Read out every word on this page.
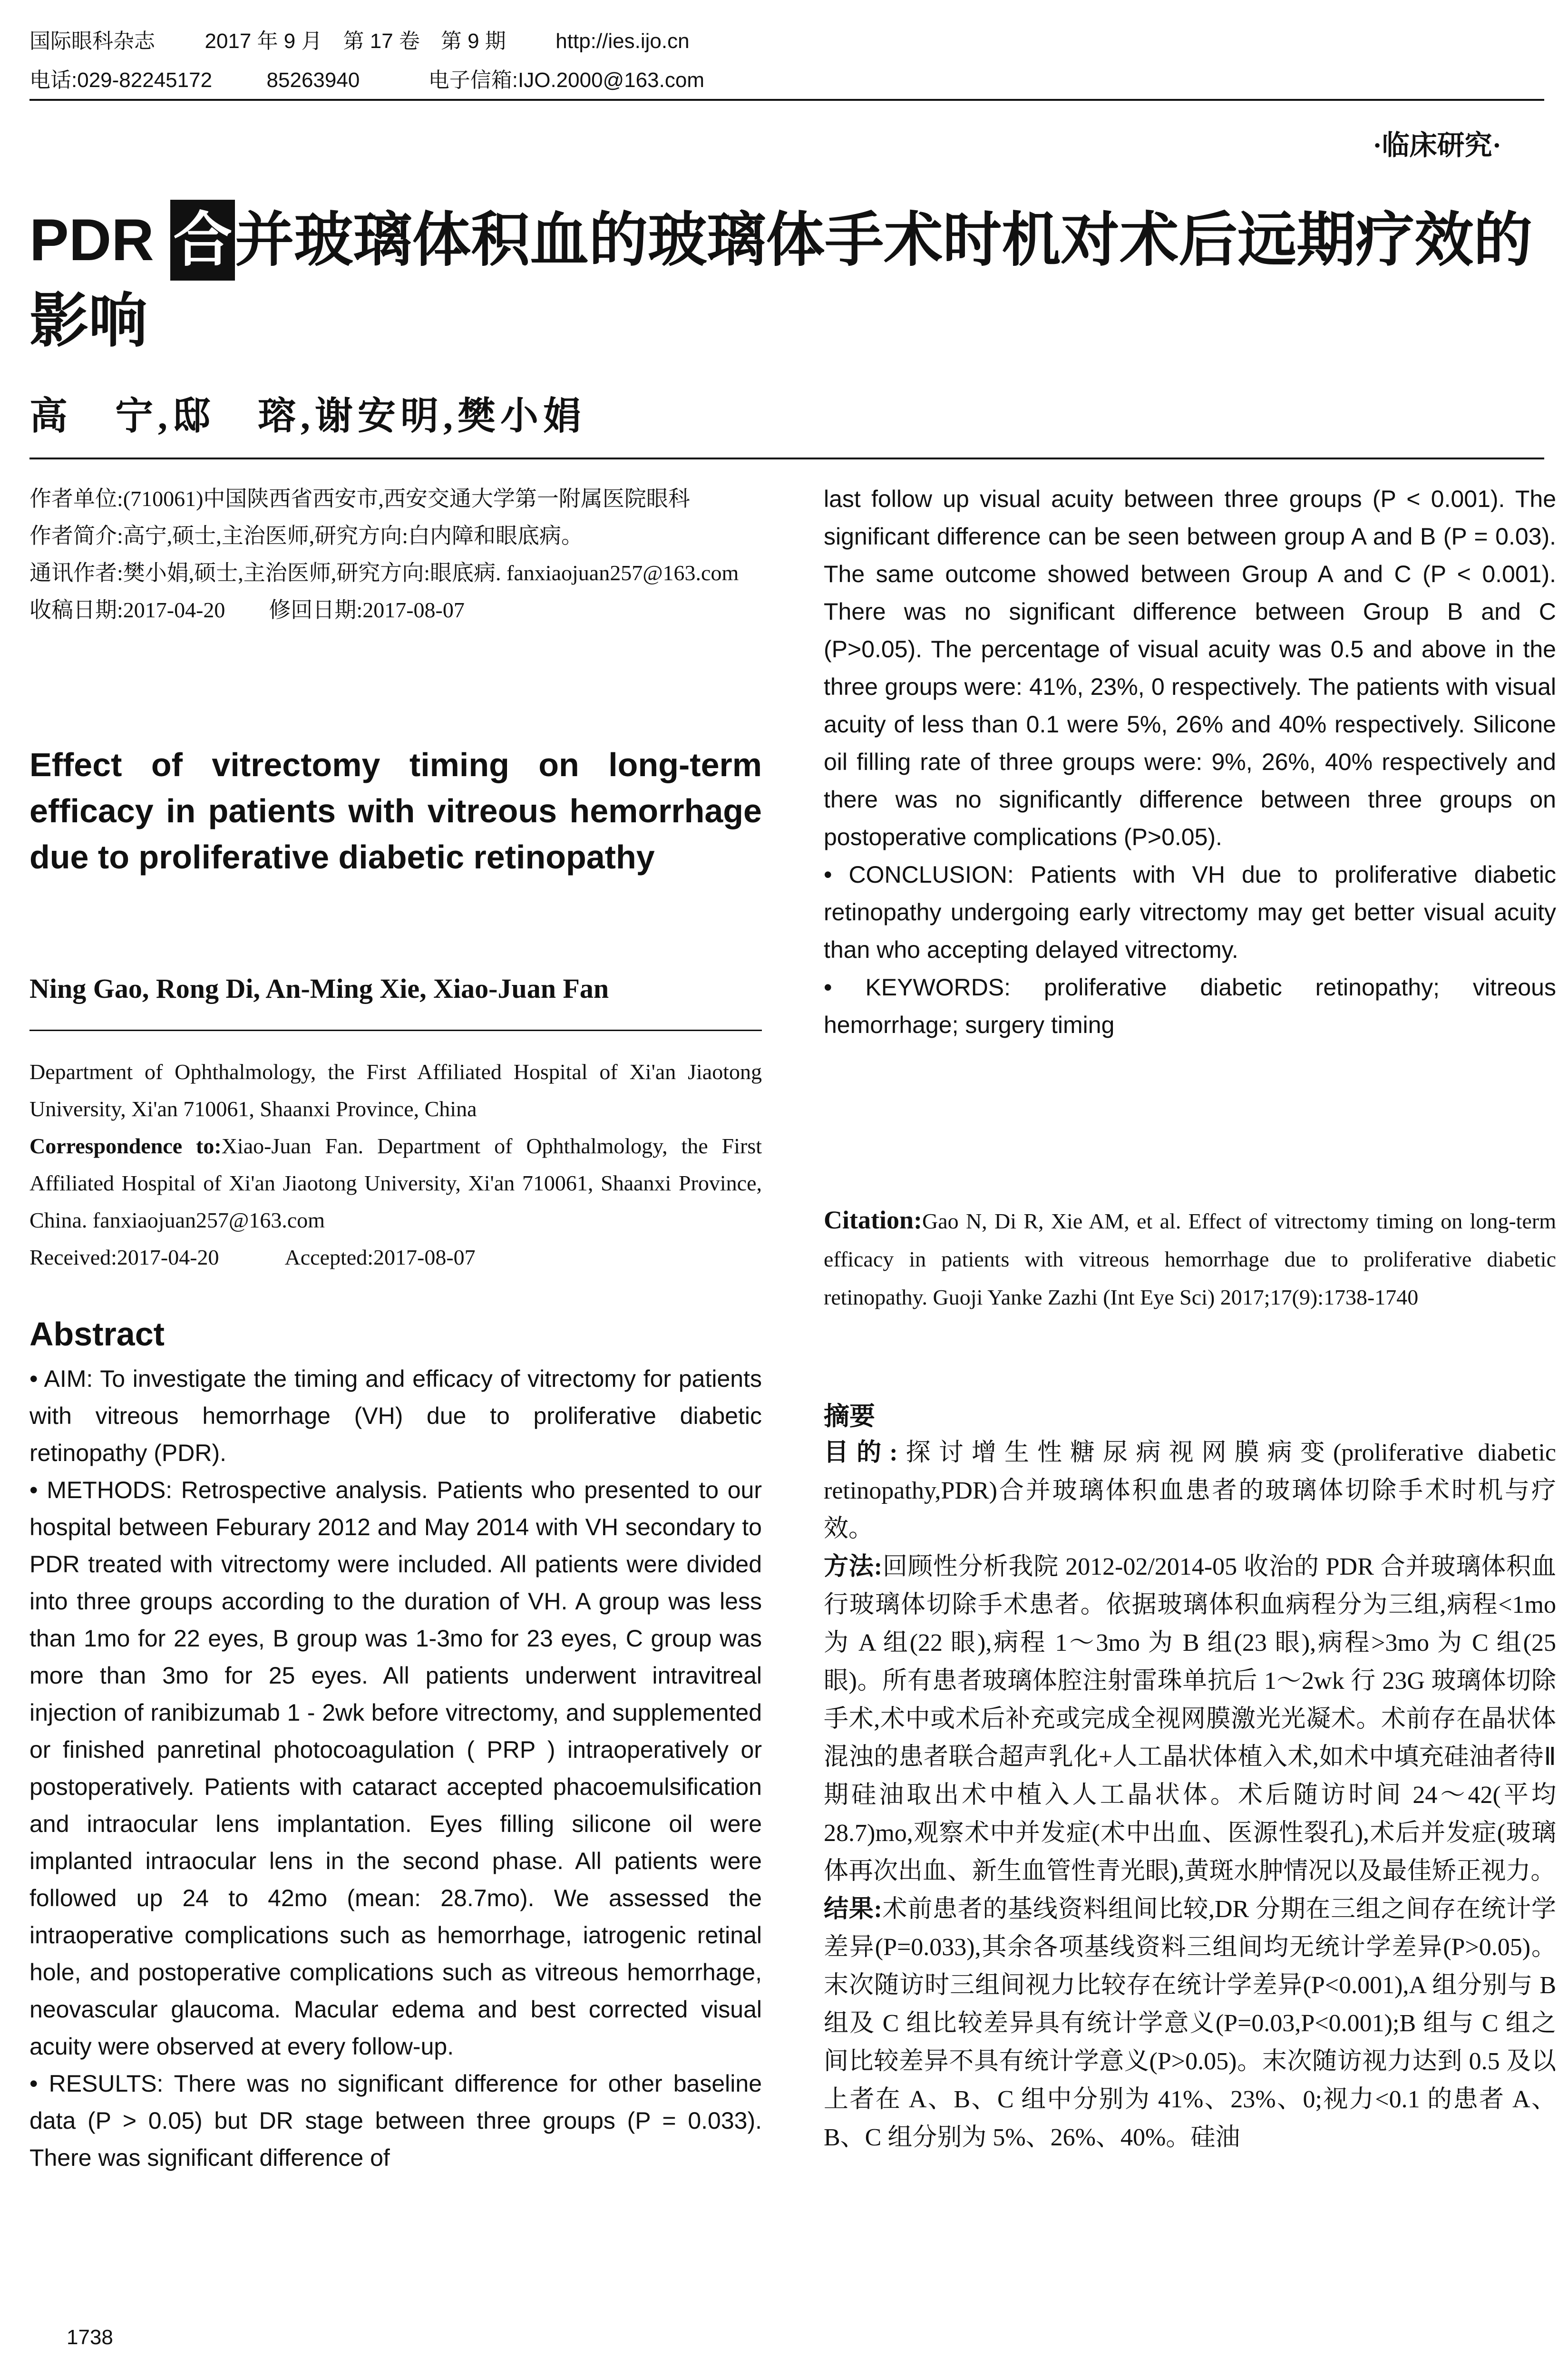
国际眼科杂志 2017 年 9 月　第 17 卷　第 9 期 http://ies.ijo.cn
电话:029-82245172	85263940	电子信箱:IJO.2000@163.com
·临床研究·
PDR 合并玻璃体积血的玻璃体手术时机对术后远期疗效的影响
高　宁,邸　瑢,谢安明,樊小娟

作者单位:(710061)中国陕西省西安市,西安交通大学第一附属医院眼科

作者简介:高宁,硕士,主治医师,研究方向:白内障和眼底病。

通讯作者:樊小娟,硕士,主治医师,研究方向:眼底病. fanxiaojuan257@163.com

收稿日期:2017-04-20　　修回日期:2017-08-07

Effect of vitrectomy timing on long-term efficacy in patients with vitreous hemorrhage due to proliferative diabetic retinopathy
Ning Gao, Rong Di, An-Ming Xie, Xiao-Juan Fan

Department of Ophthalmology, the First Affiliated Hospital of Xi'an Jiaotong University, Xi'an 710061, Shaanxi Province, China

Correspondence to:Xiao-Juan Fan. Department of Ophthalmology, the First Affiliated Hospital of Xi'an Jiaotong University, Xi'an 710061, Shaanxi Province, China. fanxiaojuan257@163.com

Received:2017-04-20　　　Accepted:2017-08-07

Abstract

• AIM: To investigate the timing and efficacy of vitrectomy for patients with vitreous hemorrhage (VH) due to proliferative diabetic retinopathy (PDR).

• METHODS: Retrospective analysis. Patients who presented to our hospital between Feburary 2012 and May 2014 with VH secondary to PDR treated with vitrectomy were included. All patients were divided into three groups according to the duration of VH. A group was less than 1mo for 22 eyes, B group was 1-3mo for 23 eyes, C group was more than 3mo for 25 eyes. All patients underwent intravitreal injection of ranibizumab 1 - 2wk before vitrectomy, and supplemented or finished panretinal photocoagulation ( PRP ) intraoperatively or postoperatively. Patients with cataract accepted phacoemulsification and intraocular lens implantation. Eyes filling silicone oil were implanted intraocular lens in the second phase. All patients were followed up 24 to 42mo (mean: 28.7mo). We assessed the intraoperative complications such as hemorrhage, iatrogenic retinal hole, and postoperative complications such as vitreous hemorrhage, neovascular glaucoma. Macular edema and best corrected visual acuity were observed at every follow-up.

• RESULTS: There was no significant difference for other baseline data (P > 0.05) but DR stage between three groups (P = 0.033). There was significant difference of

last follow up visual acuity between three groups (P < 0.001). The significant difference can be seen between group A and B (P = 0.03). The same outcome showed between Group A and C (P < 0.001). There was no significant difference between Group B and C (P>0.05). The percentage of visual acuity was 0.5 and above in the three groups were: 41%, 23%, 0 respectively. The patients with visual acuity of less than 0.1 were 5%, 26% and 40% respectively. Silicone oil filling rate of three groups were: 9%, 26%, 40% respectively and there was no significantly difference between three groups on postoperative complications (P>0.05).

• CONCLUSION: Patients with VH due to proliferative diabetic retinopathy undergoing early vitrectomy may get better visual acuity than who accepting delayed vitrectomy.

• KEYWORDS: proliferative diabetic retinopathy; vitreous hemorrhage; surgery timing

Citation:Gao N, Di R, Xie AM, et al. Effect of vitrectomy timing on long-term efficacy in patients with vitreous hemorrhage due to proliferative diabetic retinopathy. Guoji Yanke Zazhi (Int Eye Sci) 2017;17(9):1738-1740

摘要

目的:探讨增生性糖尿病视网膜病变(proliferative diabetic retinopathy,PDR)合并玻璃体积血患者的玻璃体切除手术时机与疗效。

方法:回顾性分析我院 2012-02/2014-05 收治的 PDR 合并玻璃体积血行玻璃体切除手术患者。依据玻璃体积血病程分为三组,病程<1mo 为 A 组(22 眼),病程 1～3mo 为 B 组(23 眼),病程>3mo 为 C 组(25 眼)。所有患者玻璃体腔注射雷珠单抗后 1～2wk 行 23G 玻璃体切除手术,术中或术后补充或完成全视网膜激光光凝术。术前存在晶状体混浊的患者联合超声乳化+人工晶状体植入术,如术中填充硅油者待Ⅱ期硅油取出术中植入人工晶状体。术后随访时间 24～42(平均 28.7)mo,观察术中并发症(术中出血、医源性裂孔),术后并发症(玻璃体再次出血、新生血管性青光眼),黄斑水肿情况以及最佳矫正视力。

结果:术前患者的基线资料组间比较,DR 分期在三组之间存在统计学差异(P=0.033),其余各项基线资料三组间均无统计学差异(P>0.05)。末次随访时三组间视力比较存在统计学差异(P<0.001),A 组分别与 B 组及 C 组比较差异具有统计学意义(P=0.03,P<0.001);B 组与 C 组之间比较差异不具有统计学意义(P>0.05)。末次随访视力达到 0.5 及以上者在 A、B、C 组中分别为 41%、23%、0;视力<0.1 的患者 A、B、C 组分别为 5%、26%、40%。硅油

1738
